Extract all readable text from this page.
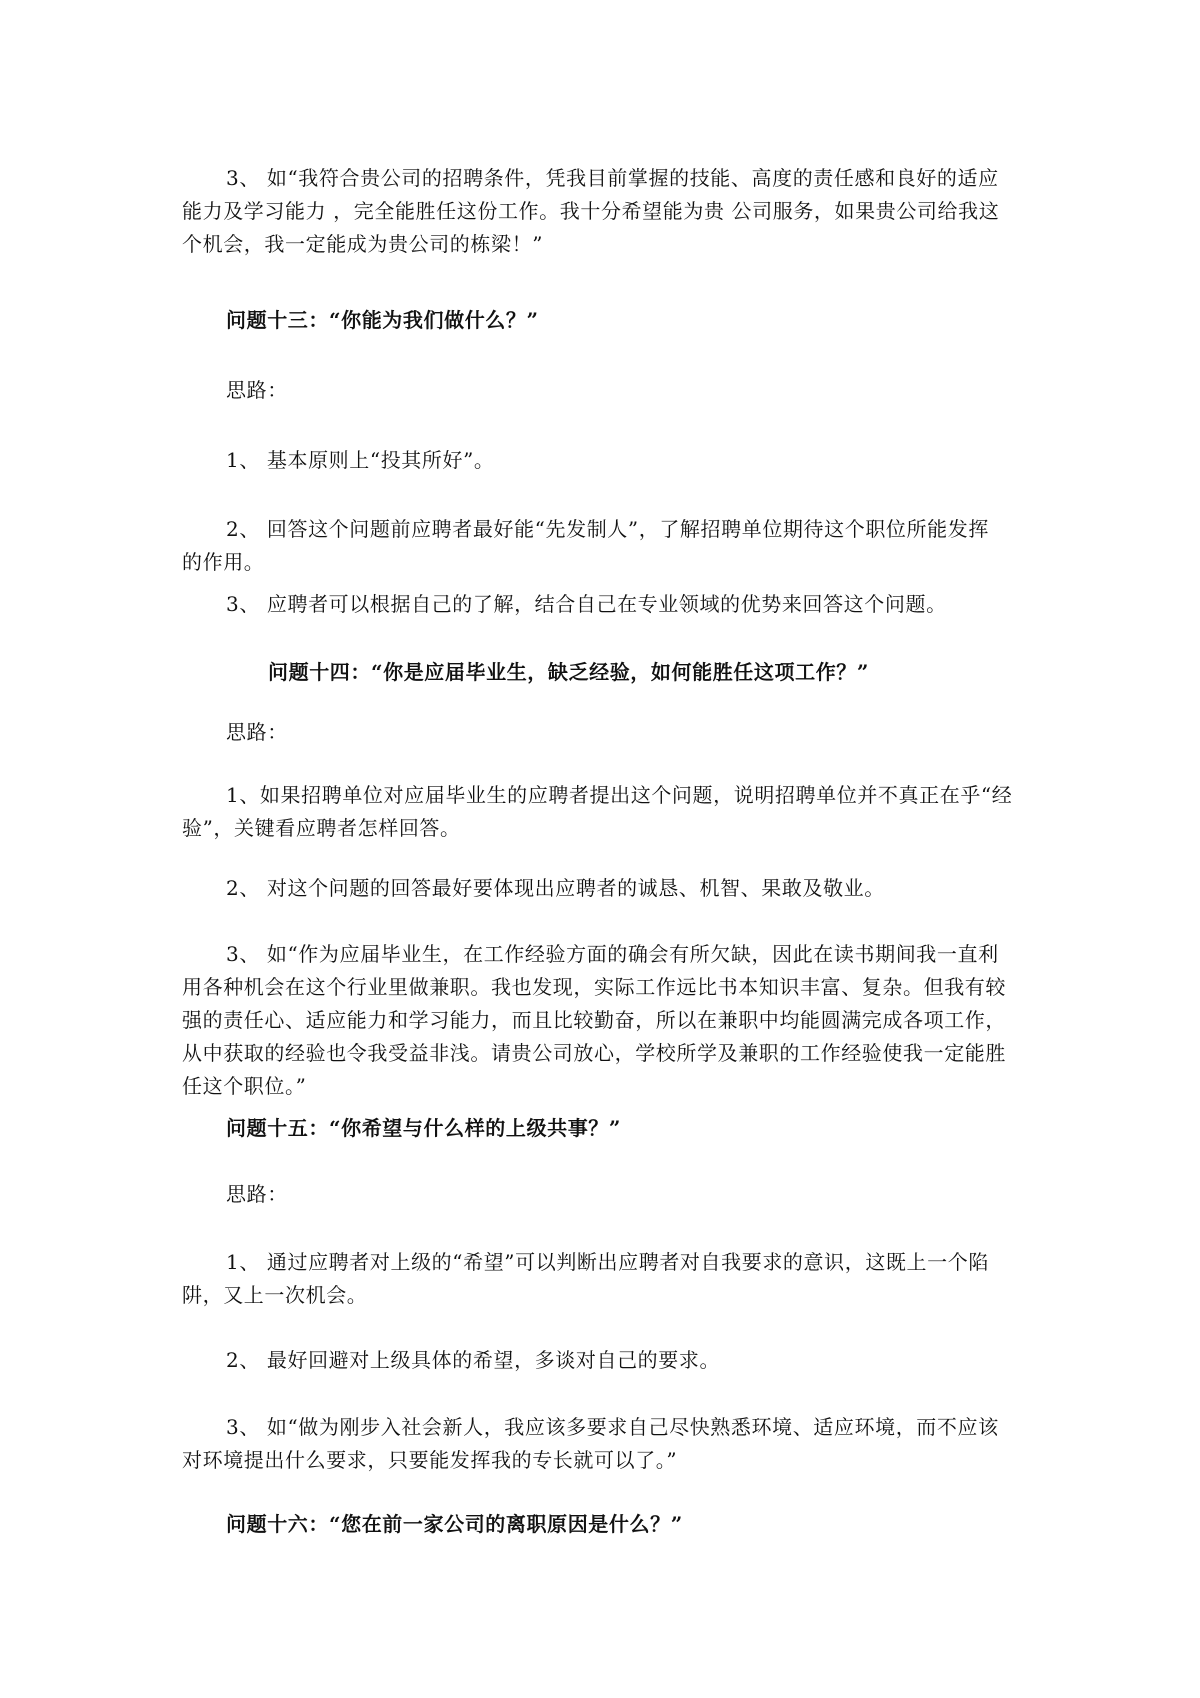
3、 如“我符合贵公司的招聘条件，凭我目前掌握的技能、高度的责任感和良好的适应
能力及学习能力 ，完全能胜任这份工作。我十分希望能为贵 公司服务，如果贵公司给我这
个机会，我一定能成为贵公司的栋梁！”

问题十三：“你能为我们做什么？”

思路：

1、 基本原则上“投其所好”。

2、 回答这个问题前应聘者最好能“先发制人”，了解招聘单位期待这个职位所能发挥
的作用。

3、 应聘者可以根据自己的了解，结合自己在专业领域的优势来回答这个问题。

问题十四：“你是应届毕业生，缺乏经验，如何能胜任这项工作？”

思路：

1、如果招聘单位对应届毕业生的应聘者提出这个问题，说明招聘单位并不真正在乎“经
验”，关键看应聘者怎样回答。

2、 对这个问题的回答最好要体现出应聘者的诚恳、机智、果敢及敬业。

3、 如“作为应届毕业生，在工作经验方面的确会有所欠缺，因此在读书期间我一直利
用各种机会在这个行业里做兼职。我也发现，实际工作远比书本知识丰富、复杂。但我有较
强的责任心、适应能力和学习能力，而且比较勤奋，所以在兼职中均能圆满完成各项工作，
从中获取的经验也令我受益非浅。请贵公司放心，学校所学及兼职的工作经验使我一定能胜
任这个职位。”

问题十五：“你希望与什么样的上级共事？”

思路：

1、 通过应聘者对上级的“希望”可以判断出应聘者对自我要求的意识，这既上一个陷
阱，又上一次机会。

2、 最好回避对上级具体的希望，多谈对自己的要求。

3、 如“做为刚步入社会新人，我应该多要求自己尽快熟悉环境、适应环境，而不应该
对环境提出什么要求，只要能发挥我的专长就可以了。”

问题十六：“您在前一家公司的离职原因是什么？”
